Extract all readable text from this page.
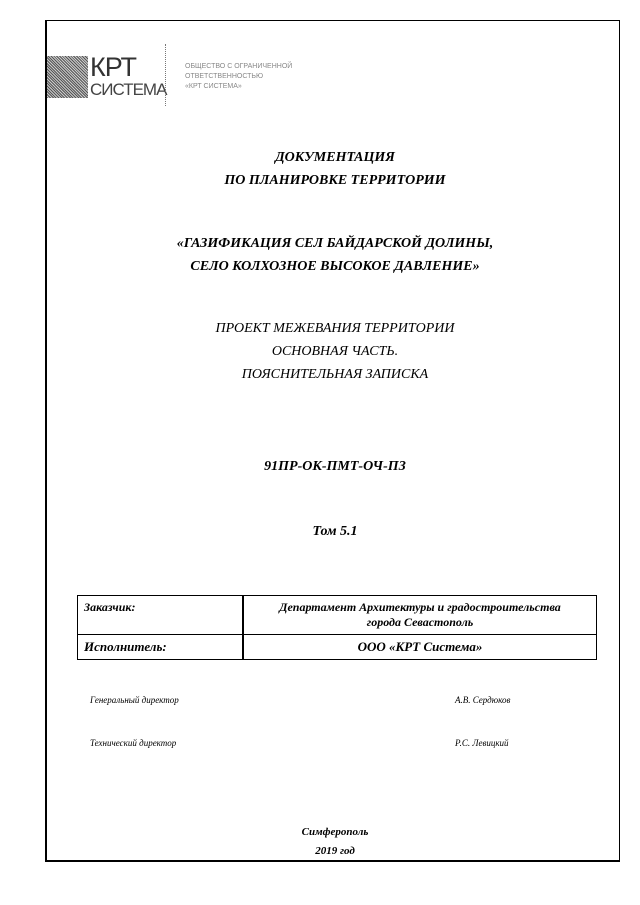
КРТ
СИСТЕМА
ОБЩЕСТВО С ОГРАНИЧЕННОЙ
ОТВЕТСТВЕННОСТЬЮ
«КРТ СИСТЕМА»
ДОКУМЕНТАЦИЯ
ПО ПЛАНИРОВКЕ ТЕРРИТОРИИ
«ГАЗИФИКАЦИЯ СЕЛ БАЙДАРСКОЙ ДОЛИНЫ,
СЕЛО КОЛХОЗНОЕ ВЫСОКОЕ ДАВЛЕНИЕ»
ПРОЕКТ МЕЖЕВАНИЯ ТЕРРИТОРИИ
ОСНОВНАЯ ЧАСТЬ.
ПОЯСНИТЕЛЬНАЯ ЗАПИСКА
91ПР-ОК-ПМТ-ОЧ-ПЗ
Том 5.1
Заказчик:	Департамент Архитектуры и градостроительства
города Севастополь

Исполнитель:	ООО «КРТ Система»
Генеральный директор	А.В. Сердюков
Технический директор	Р.С. Левицкий
Симферополь
2019 год
